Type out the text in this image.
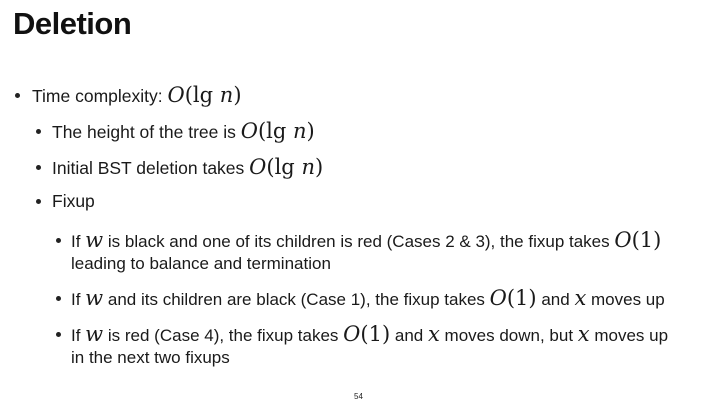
Deletion
Time complexity: O(lg n)
The height of the tree is O(lg n)
Initial BST deletion takes O(lg n)
Fixup
If w is black and one of its children is red (Cases 2 & 3), the fixup takes O(1)
leading to balance and termination
If w and its children are black (Case 1), the fixup takes O(1) and x moves up
If w is red (Case 4), the fixup takes O(1) and x moves down, but x moves up
in the next two fixups
54
